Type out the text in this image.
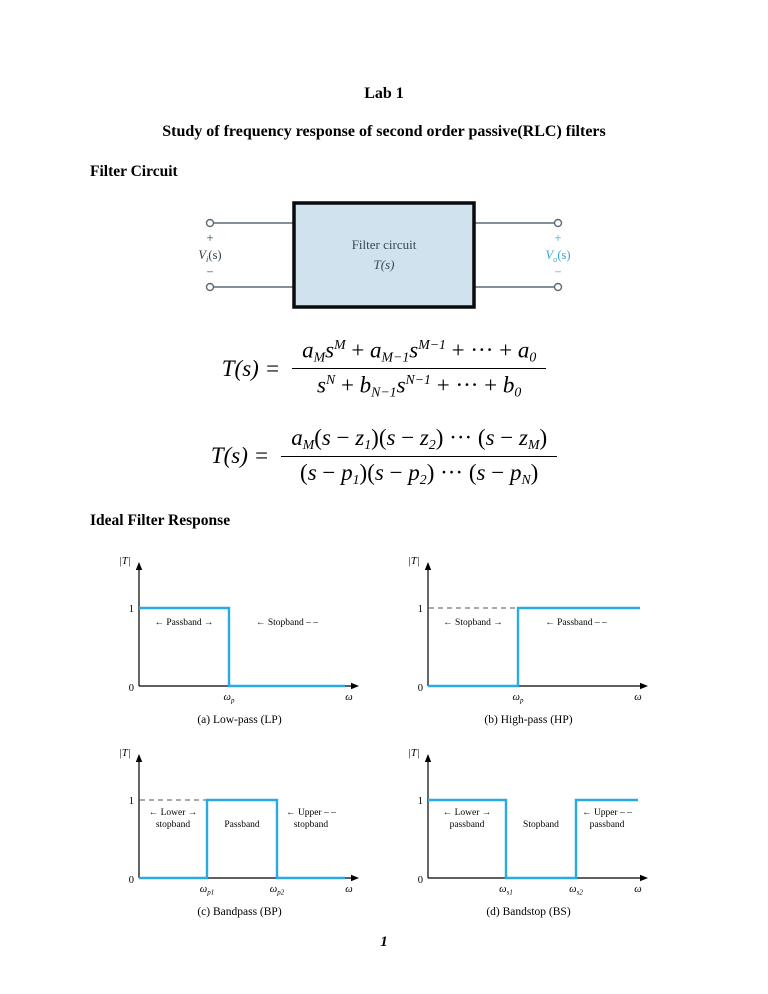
Lab 1
Study of frequency response of second order passive(RLC) filters
Filter Circuit
Filter circuit
T(s)
+
$V_i(s)$
−
+
$V_o(s)$
−
$T(s) = \frac{a_Ms^M + a_{M-1}s^{M-1} + \cdot\cdot\cdot + a_0}{s^N + b_{N-1}s^{N-1} + \cdot\cdot\cdot + b_0}$
$T(s) = \frac{a_M(s - z_1)(s - z_2) \cdot\cdot\cdot (s - z_M)}{(s - p_1)(s - p_2) \cdot\cdot\cdot (s - p_N)}$
Ideal Filter Response
|T|
1
0
← Passband →	← Stopband – –
$\omega_p$	ω
(a) Low-pass (LP)
|T|
1
0
← Stopband →	← Passband – –
$\omega_p$	ω
(b) High-pass (HP)
|T|
1
0
← Lower →
stopband	Passband
← Upper – –
stopband
$\omega_{p1}$	$\omega_{p2}$	ω
(c) Bandpass (BP)
|T|
1
0
← Lower →
passband	Stopband
← Upper – –
passband
$\omega_{s1}$	$\omega_{s2}$	ω
(d) Bandstop (BS)
1
